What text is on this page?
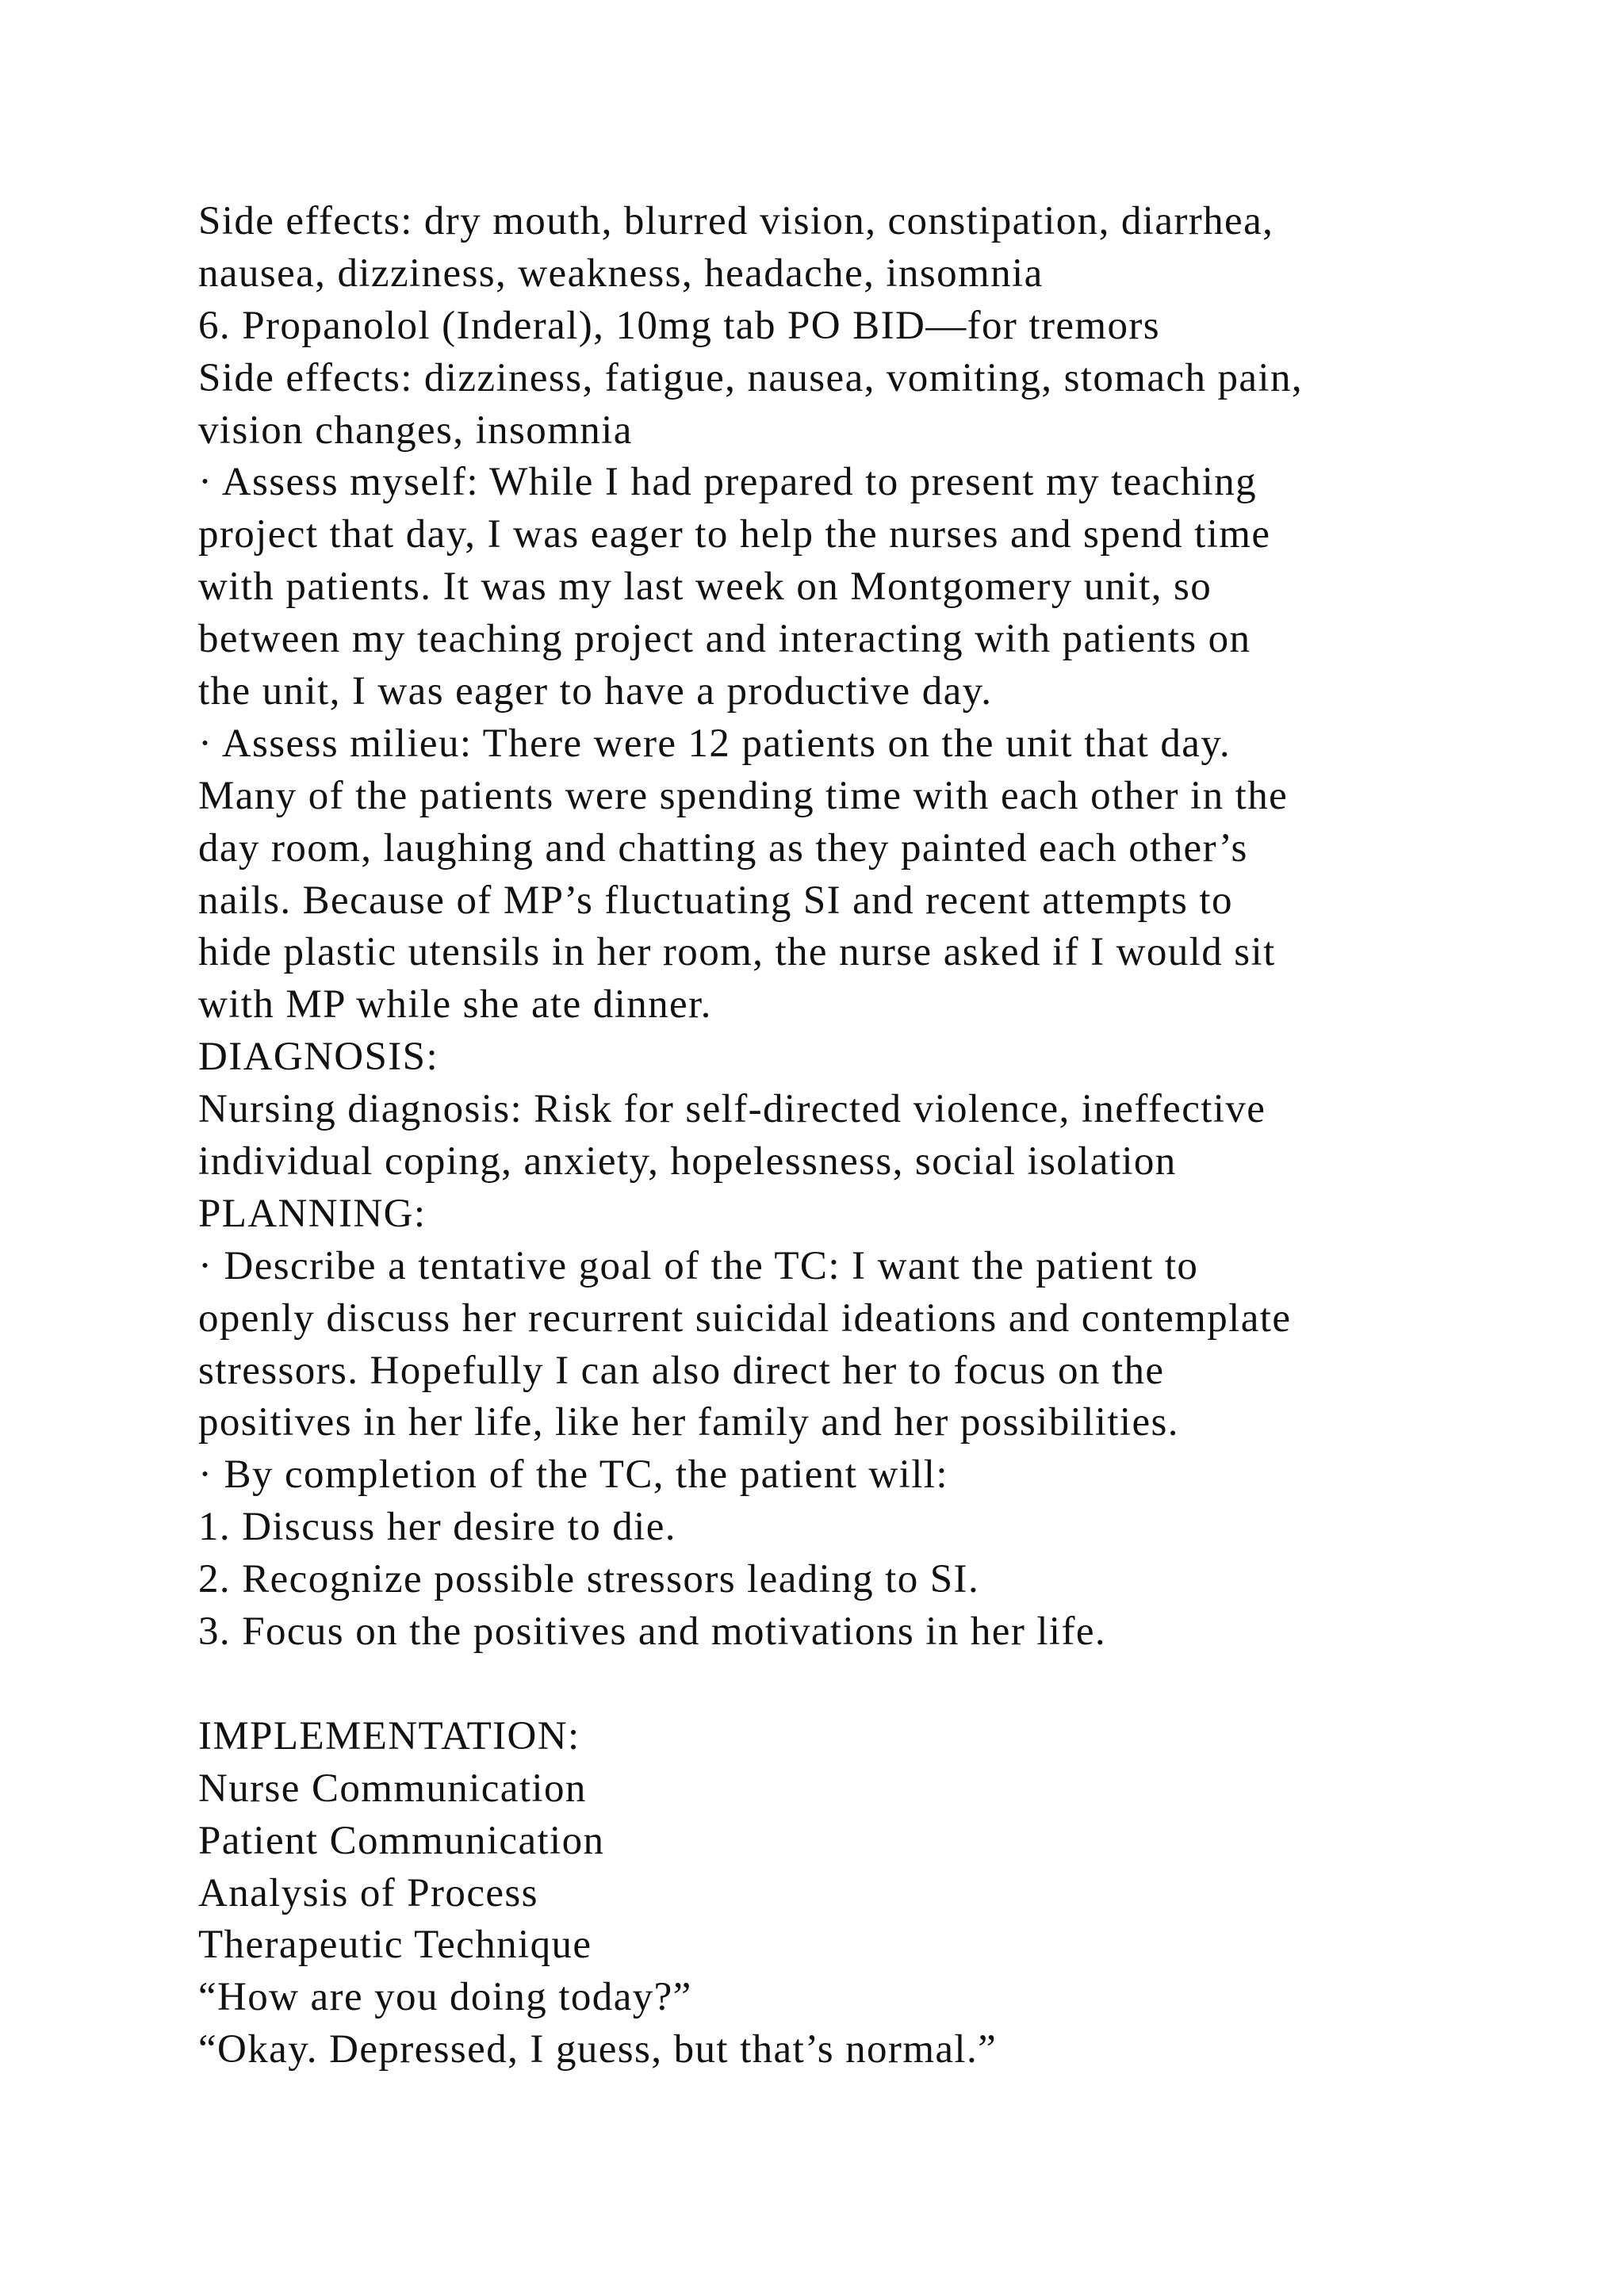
Side effects: dry mouth, blurred vision, constipation, diarrhea,
nausea, dizziness, weakness, headache, insomnia
6. Propanolol (Inderal), 10mg tab PO BID—for tremors
Side effects: dizziness, fatigue, nausea, vomiting, stomach pain,
vision changes, insomnia
· Assess myself: While I had prepared to present my teaching
project that day, I was eager to help the nurses and spend time
with patients. It was my last week on Montgomery unit, so
between my teaching project and interacting with patients on
the unit, I was eager to have a productive day.
· Assess milieu: There were 12 patients on the unit that day.
Many of the patients were spending time with each other in the
day room, laughing and chatting as they painted each other’s
nails. Because of MP’s fluctuating SI and recent attempts to
hide plastic utensils in her room, the nurse asked if I would sit
with MP while she ate dinner.
DIAGNOSIS:
Nursing diagnosis: Risk for self-directed violence, ineffective
individual coping, anxiety, hopelessness, social isolation
PLANNING:
· Describe a tentative goal of the TC: I want the patient to
openly discuss her recurrent suicidal ideations and contemplate
stressors. Hopefully I can also direct her to focus on the
positives in her life, like her family and her possibilities.
· By completion of the TC, the patient will:
1. Discuss her desire to die.
2. Recognize possible stressors leading to SI.
3. Focus on the positives and motivations in her life.
IMPLEMENTATION:
Nurse Communication
Patient Communication
Analysis of Process
Therapeutic Technique
“How are you doing today?”
“Okay. Depressed, I guess, but that’s normal.”
